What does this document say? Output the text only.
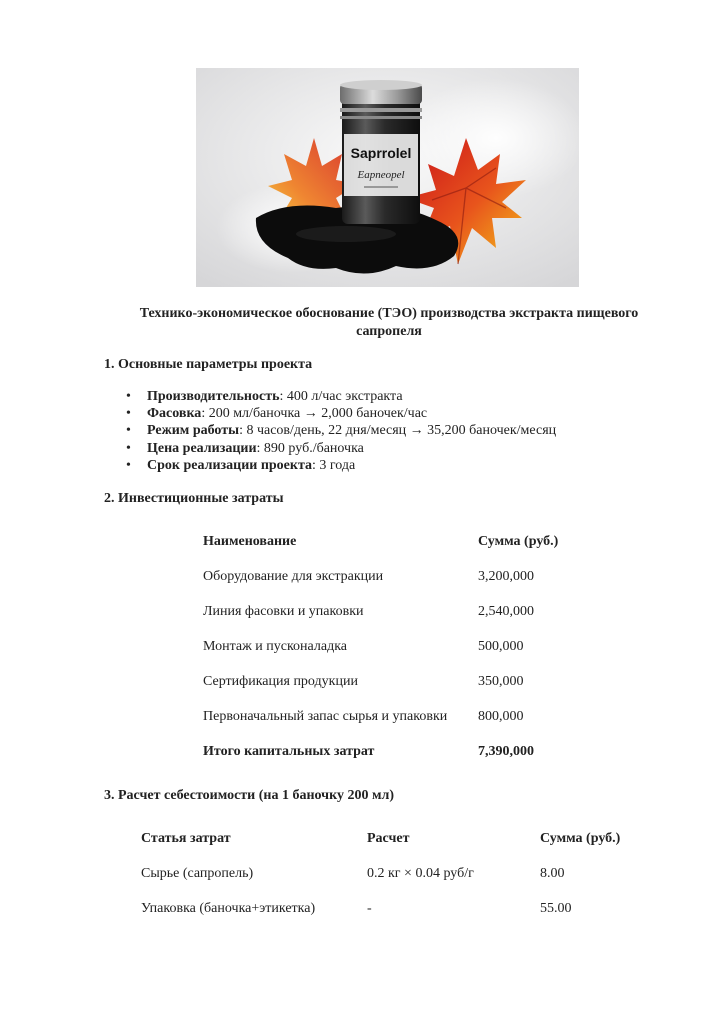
Saprrolel
Eapneopel
Технико-экономическое обоснование (ТЭО) производства экстракта пищевого сапропеля
1. Основные параметры проекта
• Производительность: 400 л/час экстракта
• Фасовка: 200 мл/баночка → 2,000 баночек/час
• Режим работы: 8 часов/день, 22 дня/месяц → 35,200 баночек/месяц
• Цена реализации: 890 руб./баночка
• Срок реализации проекта: 3 года
2. Инвестиционные затраты
Наименование	Сумма (руб.)
Оборудование для экстракции	3,200,000
Линия фасовки и упаковки	2,540,000
Монтаж и пусконаладка	500,000
Сертификация продукции	350,000
Первоначальный запас сырья и упаковки 800,000
Итого капитальных затрат	7,390,000
3. Расчет себестоимости (на 1 баночку 200 мл)
Статья затрат	Расчет	Сумма (руб.)
Сырье (сапропель)	0.2 кг × 0.04 руб/г	8.00
Упаковка (баночка+этикетка)	-	55.00
